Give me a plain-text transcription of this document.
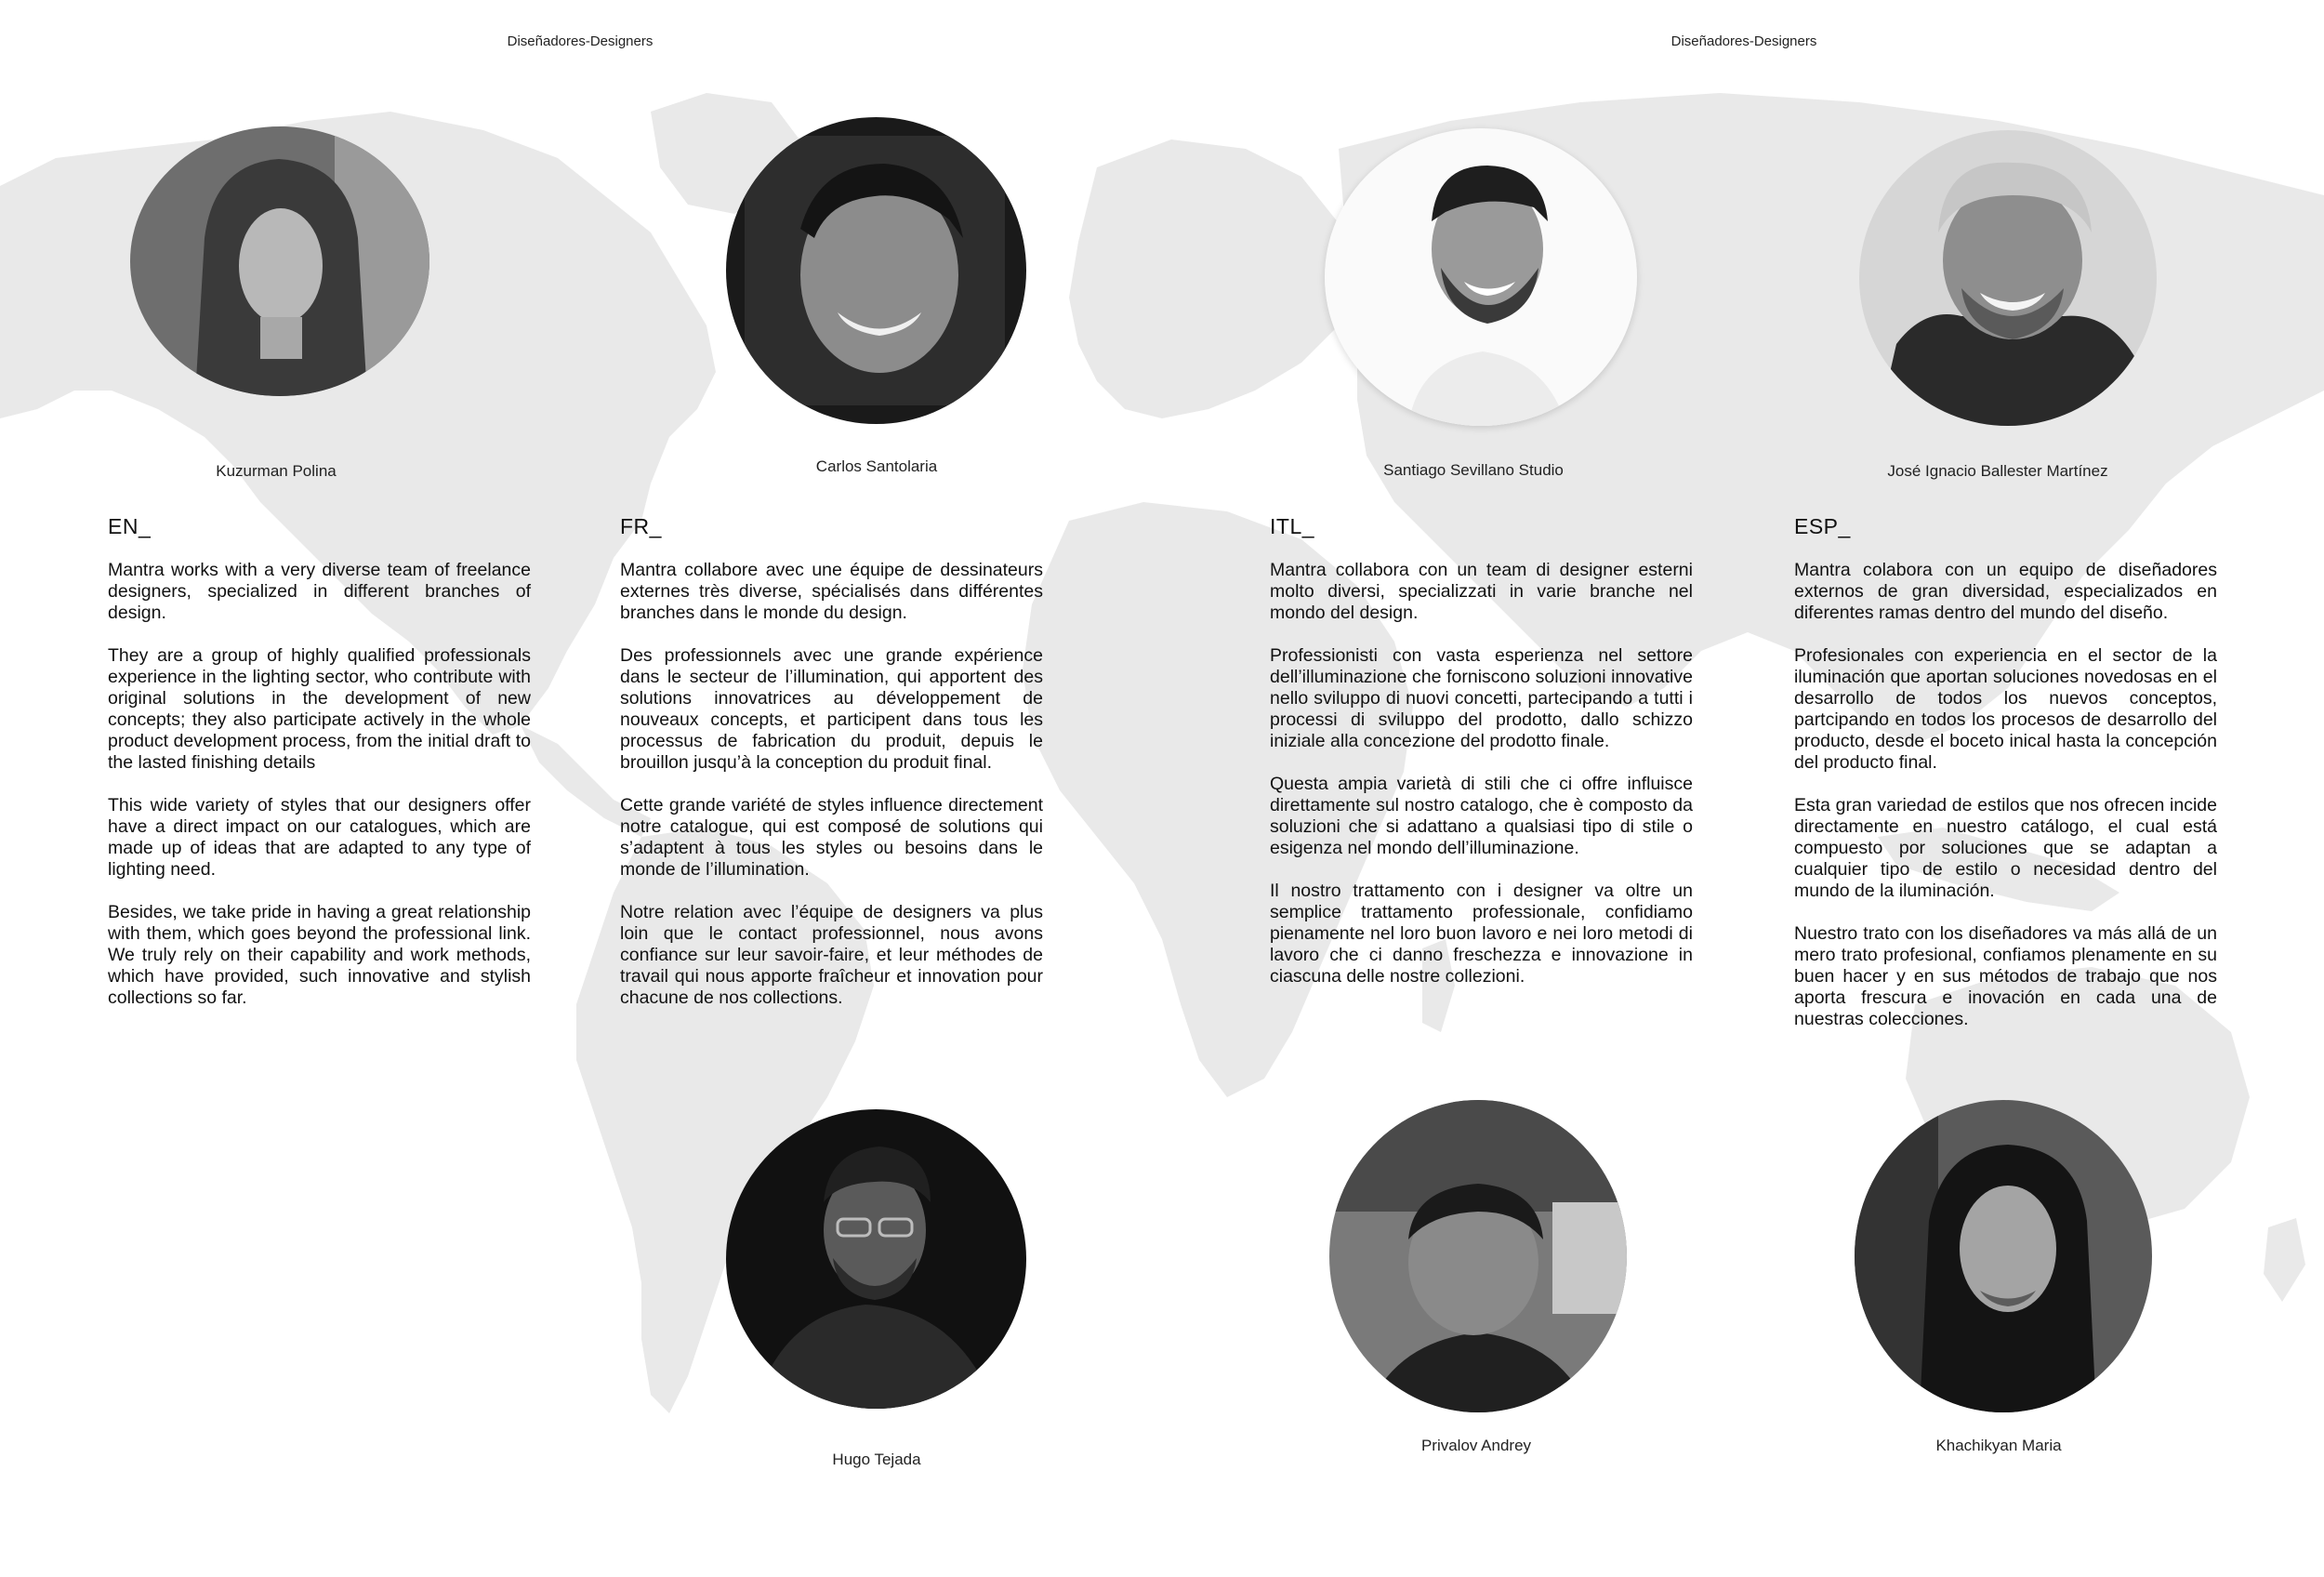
Diseñadores-Designers	Diseñadores-Designers
Kuzurman Polina	Carlos Santolaria	Santiago Sevillano Studio	José Ignacio Ballester Martínez
Hugo Tejada
Privalov Andrey	Khachikyan Maria
EN_

Mantra works with a very diverse team of freelance designers, specialized in different branches of design.

They are a group of highly qualified professionals experience in the lighting sector, who contribute with original solutions in the development of new concepts; they also participate actively in the whole product development process, from the initial draft to the lasted finishing details

This wide variety of styles that our designers offer have a direct impact on our catalogues, which are made up of ideas that are adapted to any type of lighting need.

Besides, we take pride in having a great relationship with them, which goes beyond the professional link. We truly rely on their capability and work methods, which have provided, such innovative and stylish collections so far.

FR_

Mantra collabore avec une équipe de dessinateurs externes très diverse, spécialisés dans différentes branches dans le monde du design.

Des professionnels avec une grande expérience dans le secteur de l’illumination, qui apportent des solutions innovatrices au développement de nouveaux concepts, et participent dans tous les processus de fabrication du produit, depuis le brouillon jusqu’à la conception du produit final.

Cette grande variété de styles influence directement notre catalogue, qui est composé de solutions qui s’adaptent à tous les styles ou besoins dans le monde de l’illumination.

Notre relation avec l’équipe de designers va plus loin que le contact professionnel, nous avons confiance sur leur savoir-faire, et leur méthodes de travail qui nous apporte fraîcheur et innovation pour chacune de nos collections.

ITL_

Mantra collabora con un team di designer esterni molto diversi, specializzati in varie branche nel mondo del design.

Professionisti con vasta esperienza nel settore dell’illuminazione che forniscono soluzioni innovative nello sviluppo di nuovi concetti, partecipando a tutti i processi di sviluppo del prodotto, dallo schizzo iniziale alla concezione del prodotto finale.

Questa ampia varietà di stili che ci offre influisce direttamente sul nostro catalogo, che è composto da soluzioni che si adattano a qualsiasi tipo di stile o esigenza nel mondo dell’illuminazione.

Il nostro trattamento con i designer va oltre un semplice trattamento professionale, confidiamo pienamente nel loro buon lavoro e nei loro metodi di lavoro che ci danno freschezza e innovazione in ciascuna delle nostre collezioni.

ESP_

Mantra colabora con un equipo de diseñadores externos de gran diversidad, especializados en diferentes ramas dentro del mundo del diseño.

Profesionales con experiencia en el sector de la iluminación que aportan soluciones novedosas en el desarrollo de todos los nuevos conceptos, partcipando en todos los procesos de desarrollo del producto, desde el boceto inical hasta la concepción del producto final.

Esta gran variedad de estilos que nos ofrecen incide directamente en nuestro catálogo, el cual está compuesto por soluciones que se adaptan a cualquier tipo de estilo o necesidad dentro del mundo de la iluminación.

Nuestro trato con los diseñadores va más allá de un mero trato profesional, confiamos plenamente en su buen hacer y en sus métodos de trabajo que nos aporta frescura e inovación en cada una de nuestras colecciones.
